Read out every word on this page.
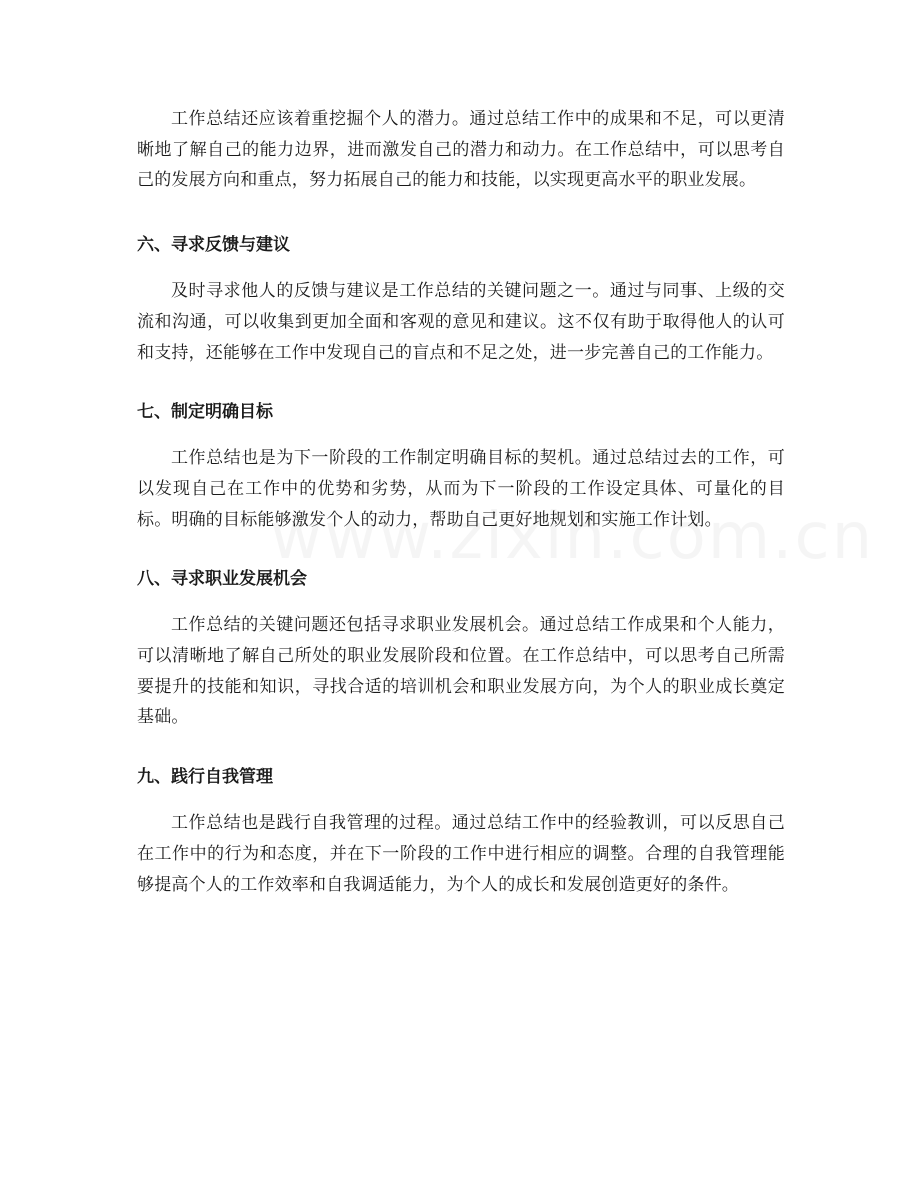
工作总结还应该着重挖掘个人的潜力。通过总结工作中的成果和不足，可以更清晰地了解自己的能力边界，进而激发自己的潜力和动力。在工作总结中，可以思考自己的发展方向和重点，努力拓展自己的能力和技能，以实现更高水平的职业发展。

六、寻求反馈与建议

及时寻求他人的反馈与建议是工作总结的关键问题之一。通过与同事、上级的交流和沟通，可以收集到更加全面和客观的意见和建议。这不仅有助于取得他人的认可和支持，还能够在工作中发现自己的盲点和不足之处，进一步完善自己的工作能力。

七、制定明确目标

工作总结也是为下一阶段的工作制定明确目标的契机。通过总结过去的工作，可以发现自己在工作中的优势和劣势，从而为下一阶段的工作设定具体、可量化的目标。明确的目标能够激发个人的动力，帮助自己更好地规划和实施工作计划。

八、寻求职业发展机会

工作总结的关键问题还包括寻求职业发展机会。通过总结工作成果和个人能力，可以清晰地了解自己所处的职业发展阶段和位置。在工作总结中，可以思考自己所需要提升的技能和知识，寻找合适的培训机会和职业发展方向，为个人的职业成长奠定基础。

九、践行自我管理

工作总结也是践行自我管理的过程。通过总结工作中的经验教训，可以反思自己在工作中的行为和态度，并在下一阶段的工作中进行相应的调整。合理的自我管理能够提高个人的工作效率和自我调适能力，为个人的成长和发展创造更好的条件。
